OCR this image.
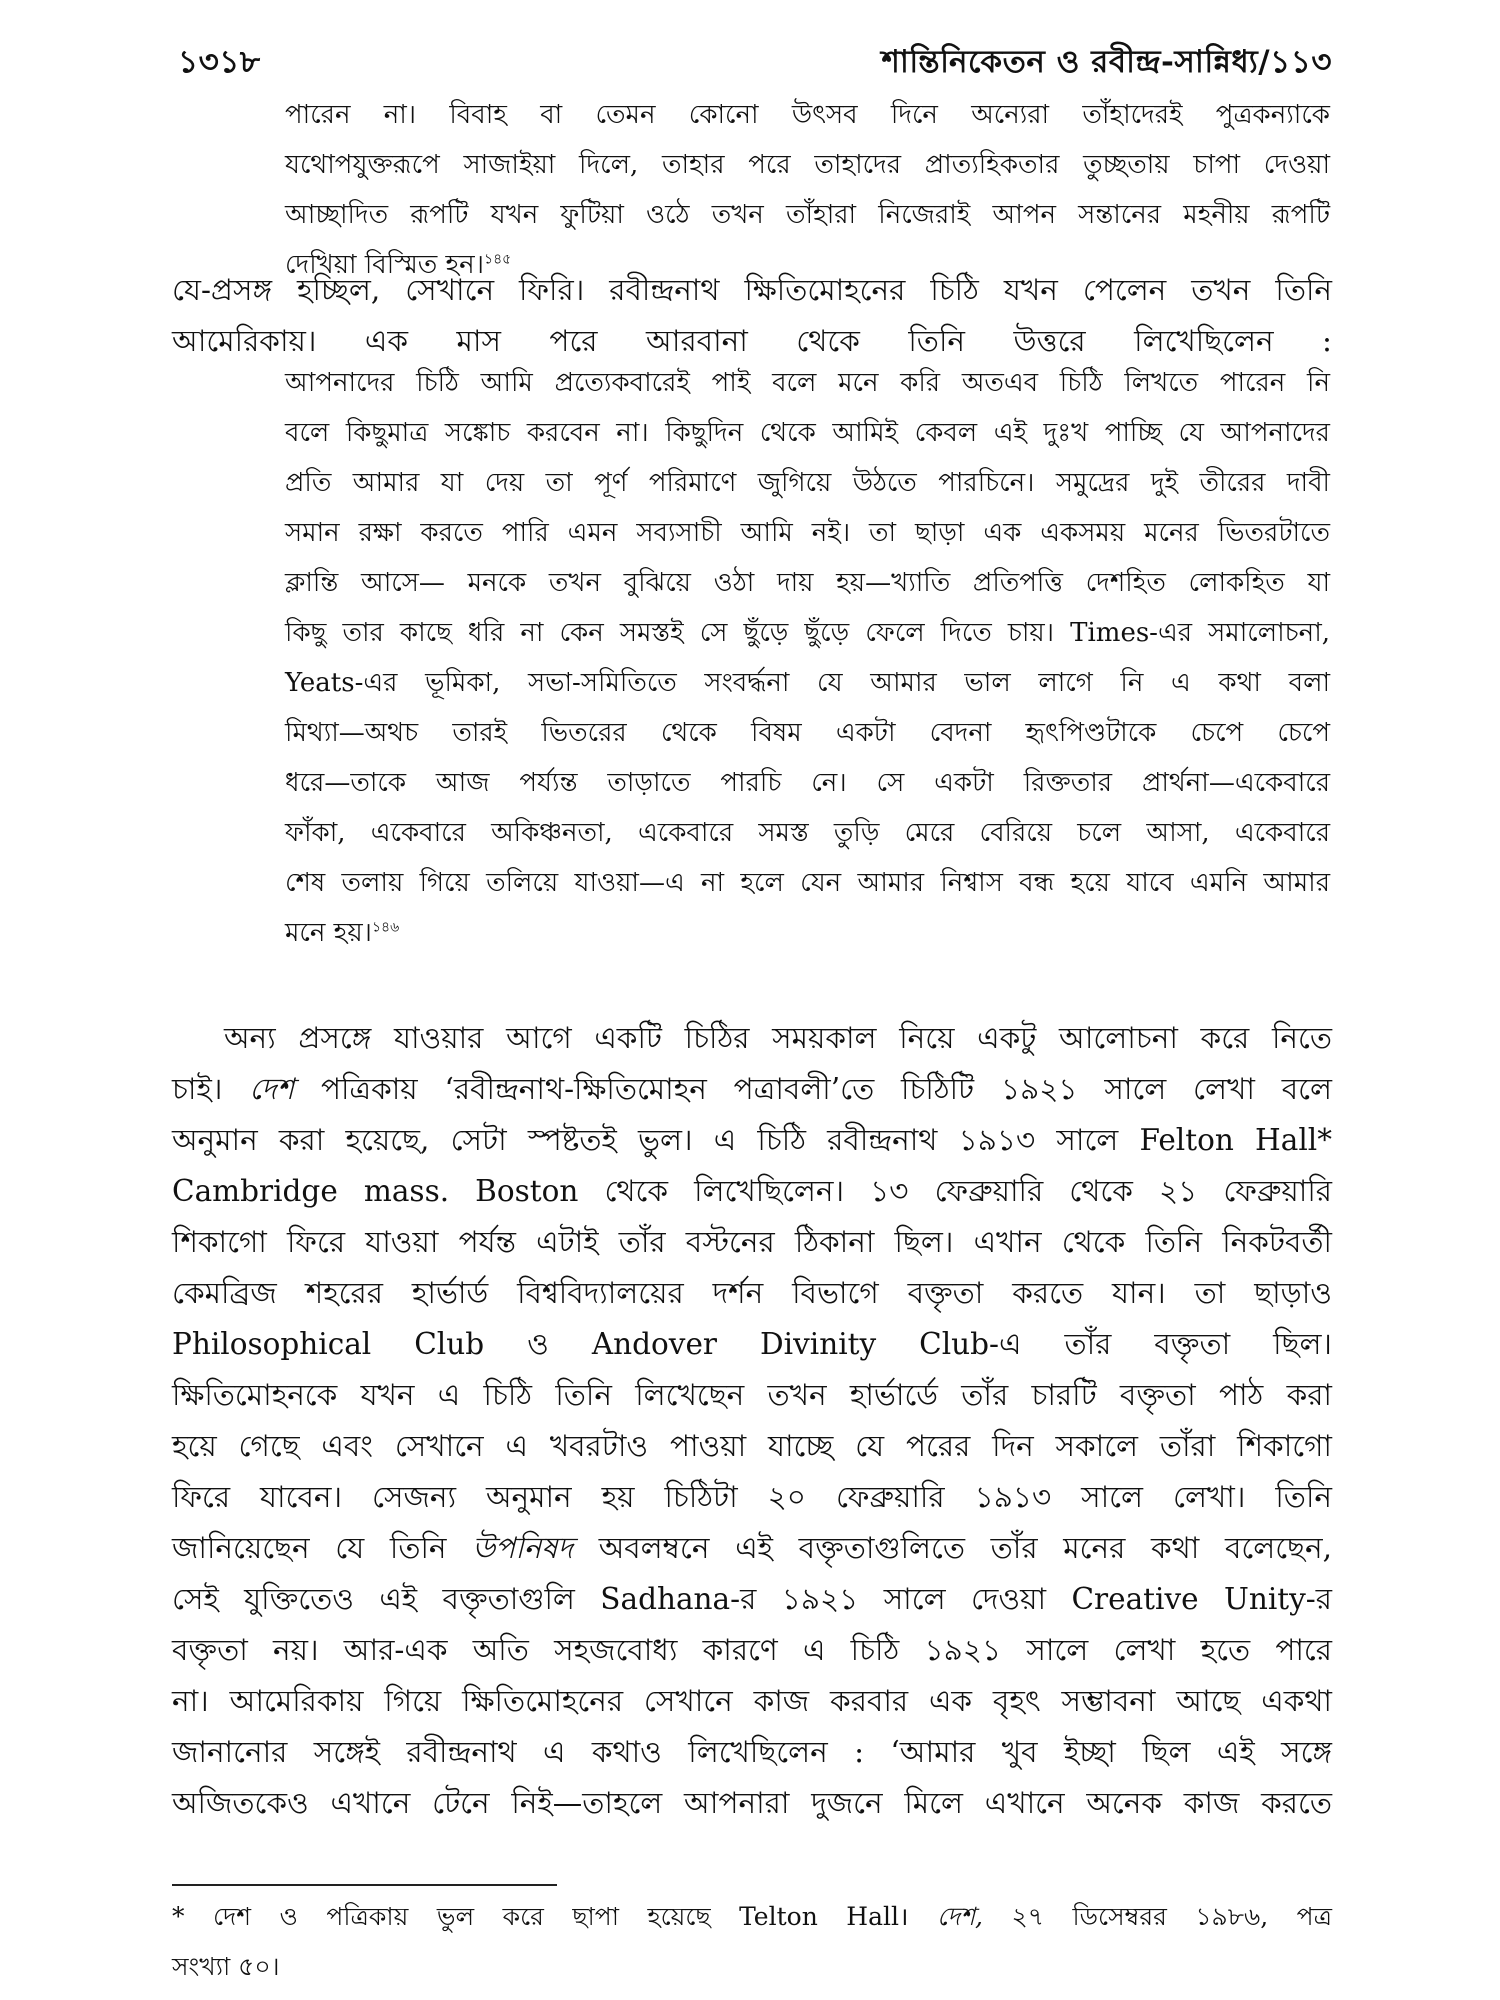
১৩১৮	শান্তিনিকেতন ও রবীন্দ্র-সান্নিধ্য/১১৩

পারেন না। বিবাহ বা তেমন কোনো উৎসব দিনে অন্যেরা তাঁহাদেরই পুত্রকন্যাকে

যথোপযুক্তরূপে সাজাইয়া দিলে, তাহার পরে তাহাদের প্রাত্যহিকতার তুচ্ছতায় চাপা দেওয়া

আচ্ছাদিত রূপটি যখন ফুটিয়া ওঠে তখন তাঁহারা নিজেরাই আপন সন্তানের মহনীয় রূপটি

দেখিয়া বিস্মিত হন।$^{১৪৫}$

যে-প্রসঙ্গ হচ্ছিল, সেখানে ফিরি। রবীন্দ্রনাথ ক্ষিতিমোহনের চিঠি যখন পেলেন তখন তিনি

আমেরিকায়। এক মাস পরে আরবানা থেকে তিনি উত্তরে লিখেছিলেন :

আপনাদের চিঠি আমি প্রত্যেকবারেই পাই বলে মনে করি অতএব চিঠি লিখতে পারেন নি

বলে কিছুমাত্র সঙ্কোচ করবেন না। কিছুদিন থেকে আমিই কেবল এই দুঃখ পাচ্ছি যে আপনাদের

প্রতি আমার যা দেয় তা পূর্ণ পরিমাণে জুগিয়ে উঠতে পারচিনে। সমুদ্রের দুই তীরের দাবী

সমান রক্ষা করতে পারি এমন সব্যসাচী আমি নই। তা ছাড়া এক একসময় মনের ভিতরটাতে

ক্লান্তি আসে— মনকে তখন বুঝিয়ে ওঠা দায় হয়—খ্যাতি প্রতিপত্তি দেশহিত লোকহিত যা

কিছু তার কাছে ধরি না কেন সমস্তই সে ছুঁড়ে ছুঁড়ে ফেলে দিতে চায়। Times-এর সমালোচনা,

Yeats-এর ভূমিকা, সভা-সমিতিতে সংবর্দ্ধনা যে আমার ভাল লাগে নি এ কথা বলা

মিথ্যা—অথচ তারই ভিতরের থেকে বিষম একটা বেদনা হৃৎপিণ্ডটাকে চেপে চেপে

ধরে—তাকে আজ পর্য্যন্ত তাড়াতে পারচি নে। সে একটা রিক্ততার প্রার্থনা—একেবারে

ফাঁকা, একেবারে অকিঞ্চনতা, একেবারে সমস্ত তুড়ি মেরে বেরিয়ে চলে আসা, একেবারে

শেষ তলায় গিয়ে তলিয়ে যাওয়া—এ না হলে যেন আমার নিশ্বাস বন্ধ হয়ে যাবে এমনি আমার

মনে হয়।$^{১৪৬}$

অন্য প্রসঙ্গে যাওয়ার আগে একটি চিঠির সময়কাল নিয়ে একটু আলোচনা করে নিতে

চাই। দেশ পত্রিকায় ‘রবীন্দ্রনাথ-ক্ষিতিমোহন পত্রাবলী’তে চিঠিটি ১৯২১ সালে লেখা বলে

অনুমান করা হয়েছে, সেটা স্পষ্টতই ভুল। এ চিঠি রবীন্দ্রনাথ ১৯১৩ সালে Felton Hall*

Cambridge mass. Boston থেকে লিখেছিলেন। ১৩ ফেব্রুয়ারি থেকে ২১ ফেব্রুয়ারি

শিকাগো ফিরে যাওয়া পর্যন্ত এটাই তাঁর বস্টনের ঠিকানা ছিল। এখান থেকে তিনি নিকটবর্তী

কেমব্রিজ শহরের হার্ভার্ড বিশ্ববিদ্যালয়ের দর্শন বিভাগে বক্তৃতা করতে যান। তা ছাড়াও

Philosophical Club ও Andover Divinity Club-এ তাঁর বক্তৃতা ছিল।

ক্ষিতিমোহনকে যখন এ চিঠি তিনি লিখেছেন তখন হার্ভার্ডে তাঁর চারটি বক্তৃতা পাঠ করা

হয়ে গেছে এবং সেখানে এ খবরটাও পাওয়া যাচ্ছে যে পরের দিন সকালে তাঁরা শিকাগো

ফিরে যাবেন। সেজন্য অনুমান হয় চিঠিটা ২০ ফেব্রুয়ারি ১৯১৩ সালে লেখা। তিনি

জানিয়েছেন যে তিনি উপনিষদ অবলম্বনে এই বক্তৃতাগুলিতে তাঁর মনের কথা বলেছেন,

সেই যুক্তিতেও এই বক্তৃতাগুলি Sadhana-র ১৯২১ সালে দেওয়া Creative Unity-র

বক্তৃতা নয়। আর-এক অতি সহজবোধ্য কারণে এ চিঠি ১৯২১ সালে লেখা হতে পারে

না। আমেরিকায় গিয়ে ক্ষিতিমোহনের সেখানে কাজ করবার এক বৃহৎ সম্ভাবনা আছে একথা

জানানোর সঙ্গেই রবীন্দ্রনাথ এ কথাও লিখেছিলেন : ‘আমার খুব ইচ্ছা ছিল এই সঙ্গে

অজিতকেও এখানে টেনে নিই—তাহলে আপনারা দুজনে মিলে এখানে অনেক কাজ করতে

* দেশ ও পত্রিকায় ভুল করে ছাপা হয়েছে Telton Hall। দেশ, ২৭ ডিসেম্বরর ১৯৮৬, পত্র

সংখ্যা ৫০।
